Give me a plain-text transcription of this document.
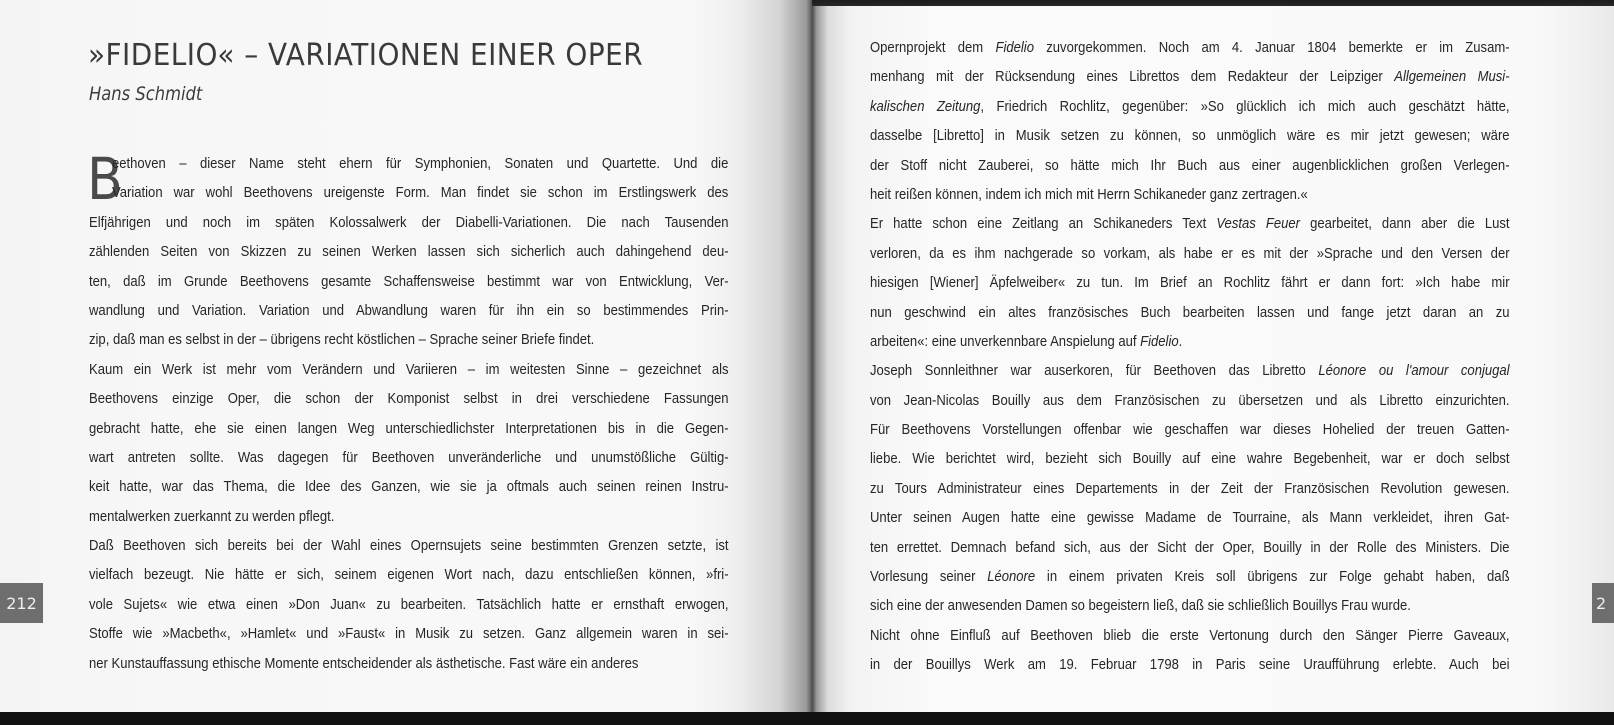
»FIDELIO« – VARIATIONEN EINER OPER
Hans Schmidt
B
eethoven – dieser Name steht ehern für Symphonien, Sonaten und Quartette. Und die
Variation war wohl Beethovens ureigenste Form. Man findet sie schon im Erstlingswerk des
Elfjährigen und noch im späten Kolossalwerk der Diabelli-Variationen. Die nach Tausenden
zählenden Seiten von Skizzen zu seinen Werken lassen sich sicherlich auch dahingehend deu-
ten, daß im Grunde Beethovens gesamte Schaffensweise bestimmt war von Entwicklung, Ver-
wandlung und Variation. Variation und Abwandlung waren für ihn ein so bestimmendes Prin-
zip, daß man es selbst in der – übrigens recht köstlichen – Sprache seiner Briefe findet.
Kaum ein Werk ist mehr vom Verändern und Variieren – im weitesten Sinne – gezeichnet als
Beethovens einzige Oper, die schon der Komponist selbst in drei verschiedene Fassungen
gebracht hatte, ehe sie einen langen Weg unterschiedlichster Interpretationen bis in die Gegen-
wart antreten sollte. Was dagegen für Beethoven unveränderliche und unumstößliche Gültig-
keit hatte, war das Thema, die Idee des Ganzen, wie sie ja oftmals auch seinen reinen Instru-
mentalwerken zuerkannt zu werden pflegt.
Daß Beethoven sich bereits bei der Wahl eines Opernsujets seine bestimmten Grenzen setzte, ist
vielfach bezeugt. Nie hätte er sich, seinem eigenen Wort nach, dazu entschließen können, »fri-
vole Sujets« wie etwa einen »Don Juan« zu bearbeiten. Tatsächlich hatte er ernsthaft erwogen,
Stoffe wie »Macbeth«, »Hamlet« und »Faust« in Musik zu setzen. Ganz allgemein waren in sei-
ner Kunstauffassung ethische Momente entscheidender als ästhetische. Fast wäre ein anderes
212	2
Opernprojekt dem Fidelio zuvorgekommen. Noch am 4. Januar 1804 bemerkte er im Zusam-
menhang mit der Rücksendung eines Librettos dem Redakteur der Leipziger Allgemeinen Musi-
kalischen Zeitung, Friedrich Rochlitz, gegenüber: »So glücklich ich mich auch geschätzt hätte,
dasselbe [Libretto] in Musik setzen zu können, so unmöglich wäre es mir jetzt gewesen; wäre
der Stoff nicht Zauberei, so hätte mich Ihr Buch aus einer augenblicklichen großen Verlegen-
heit reißen können, indem ich mich mit Herrn Schikaneder ganz zertragen.«
Er hatte schon eine Zeitlang an Schikaneders Text Vestas Feuer gearbeitet, dann aber die Lust
verloren, da es ihm nachgerade so vorkam, als habe er es mit der »Sprache und den Versen der
hiesigen [Wiener] Äpfelweiber« zu tun. Im Brief an Rochlitz fährt er dann fort: »Ich habe mir
nun geschwind ein altes französisches Buch bearbeiten lassen und fange jetzt daran an zu
arbeiten«: eine unverkennbare Anspielung auf Fidelio.
Joseph Sonnleithner war auserkoren, für Beethoven das Libretto Léonore ou l'amour conjugal
von Jean-Nicolas Bouilly aus dem Französischen zu übersetzen und als Libretto einzurichten.
Für Beethovens Vorstellungen offenbar wie geschaffen war dieses Hohelied der treuen Gatten-
liebe. Wie berichtet wird, bezieht sich Bouilly auf eine wahre Begebenheit, war er doch selbst
zu Tours Administrateur eines Departements in der Zeit der Französischen Revolution gewesen.
Unter seinen Augen hatte eine gewisse Madame de Tourraine, als Mann verkleidet, ihren Gat-
ten errettet. Demnach befand sich, aus der Sicht der Oper, Bouilly in der Rolle des Ministers. Die
Vorlesung seiner Léonore in einem privaten Kreis soll übrigens zur Folge gehabt haben, daß
sich eine der anwesenden Damen so begeistern ließ, daß sie schließlich Bouillys Frau wurde.
Nicht ohne Einfluß auf Beethoven blieb die erste Vertonung durch den Sänger Pierre Gaveaux,
in der Bouillys Werk am 19. Februar 1798 in Paris seine Uraufführung erlebte. Auch bei
